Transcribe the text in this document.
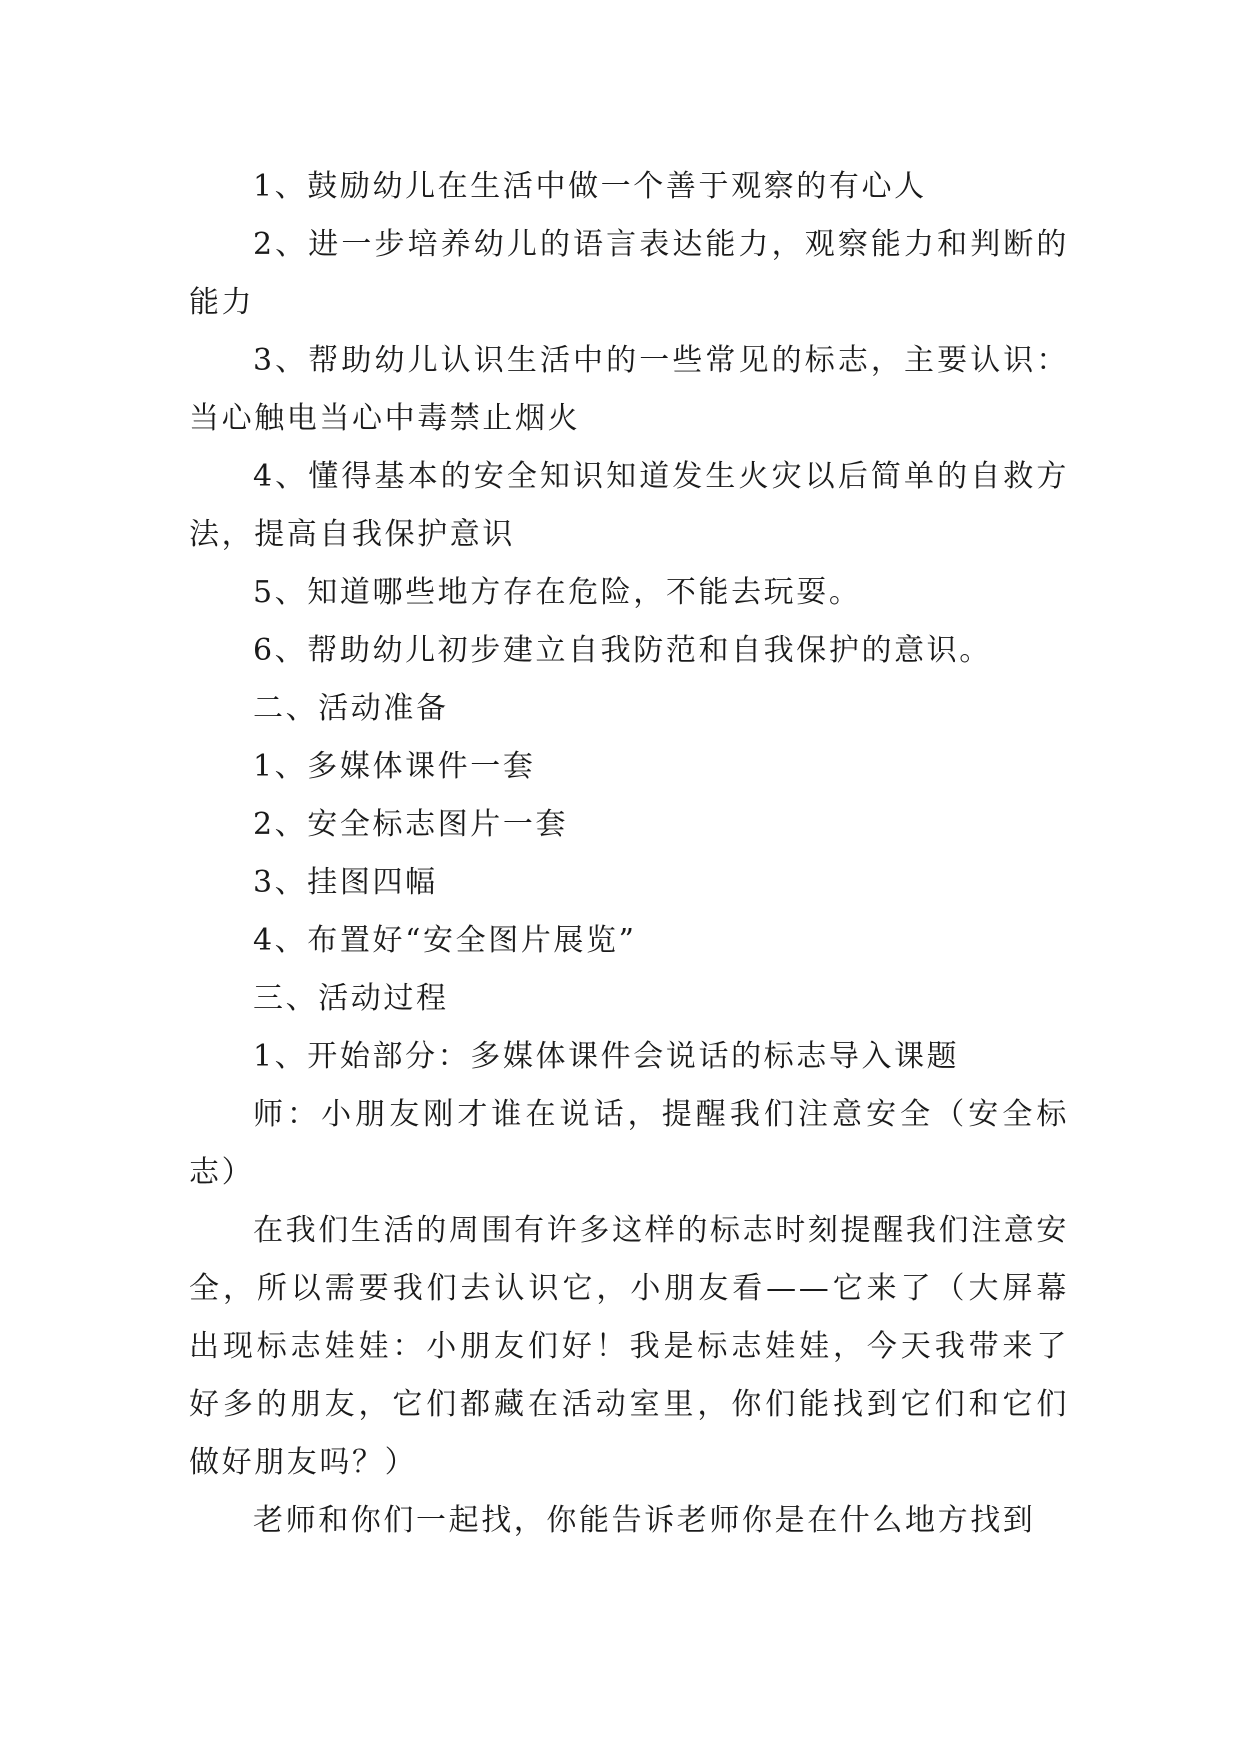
1、鼓励幼儿在生活中做一个善于观察的有心人

2、进一步培养幼儿的语言表达能力，观察能力和判断的能力

3、帮助幼儿认识生活中的一些常见的标志，主要认识：当心触电当心中毒禁止烟火

4、懂得基本的安全知识知道发生火灾以后简单的自救方法，提高自我保护意识

5、知道哪些地方存在危险，不能去玩耍。

6、帮助幼儿初步建立自我防范和自我保护的意识。

二、活动准备

1、多媒体课件一套

2、安全标志图片一套

3、挂图四幅

4、布置好“安全图片展览”

三、活动过程

1、开始部分：多媒体课件会说话的标志导入课题

师：小朋友刚才谁在说话，提醒我们注意安全（安全标志）

在我们生活的周围有许多这样的标志时刻提醒我们注意安全，所以需要我们去认识它，小朋友看——它来了（大屏幕出现标志娃娃：小朋友们好！我是标志娃娃，今天我带来了好多的朋友，它们都藏在活动室里，你们能找到它们和它们做好朋友吗？）

老师和你们一起找，你能告诉老师你是在什么地方找到
